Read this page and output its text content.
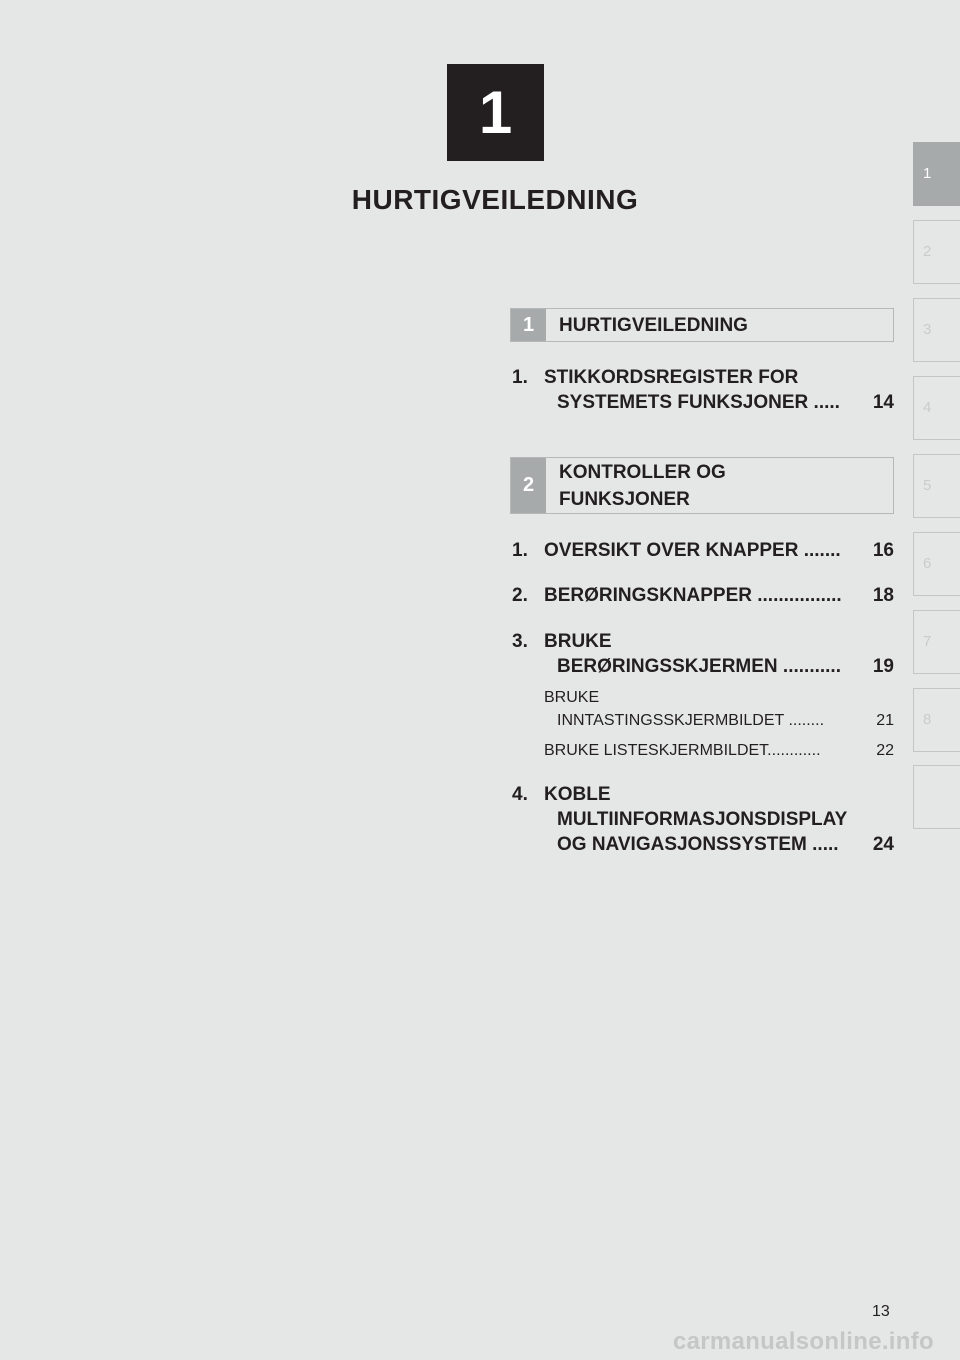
1
HURTIGVEILEDNING
1
2
3
4
5
6
7
8
1	HURTIGVEILEDNING
1. STIKKORDSREGISTER FOR
SYSTEMETS FUNKSJONER ..... 14
2
KONTROLLER OG
FUNKSJONER
1. OVERSIKT OVER KNAPPER ....... 16
2. BERØRINGSKNAPPER ................ 18
3. BRUKE
BERØRINGSSKJERMEN ........... 19
BRUKE
INNTASTINGSSKJERMBILDET ........	21
BRUKE LISTESKJERMBILDET............	22
4. KOBLE
MULTIINFORMASJONSDISPLAY
OG NAVIGASJONSSYSTEM ..... 24
13
carmanualsonline.info
